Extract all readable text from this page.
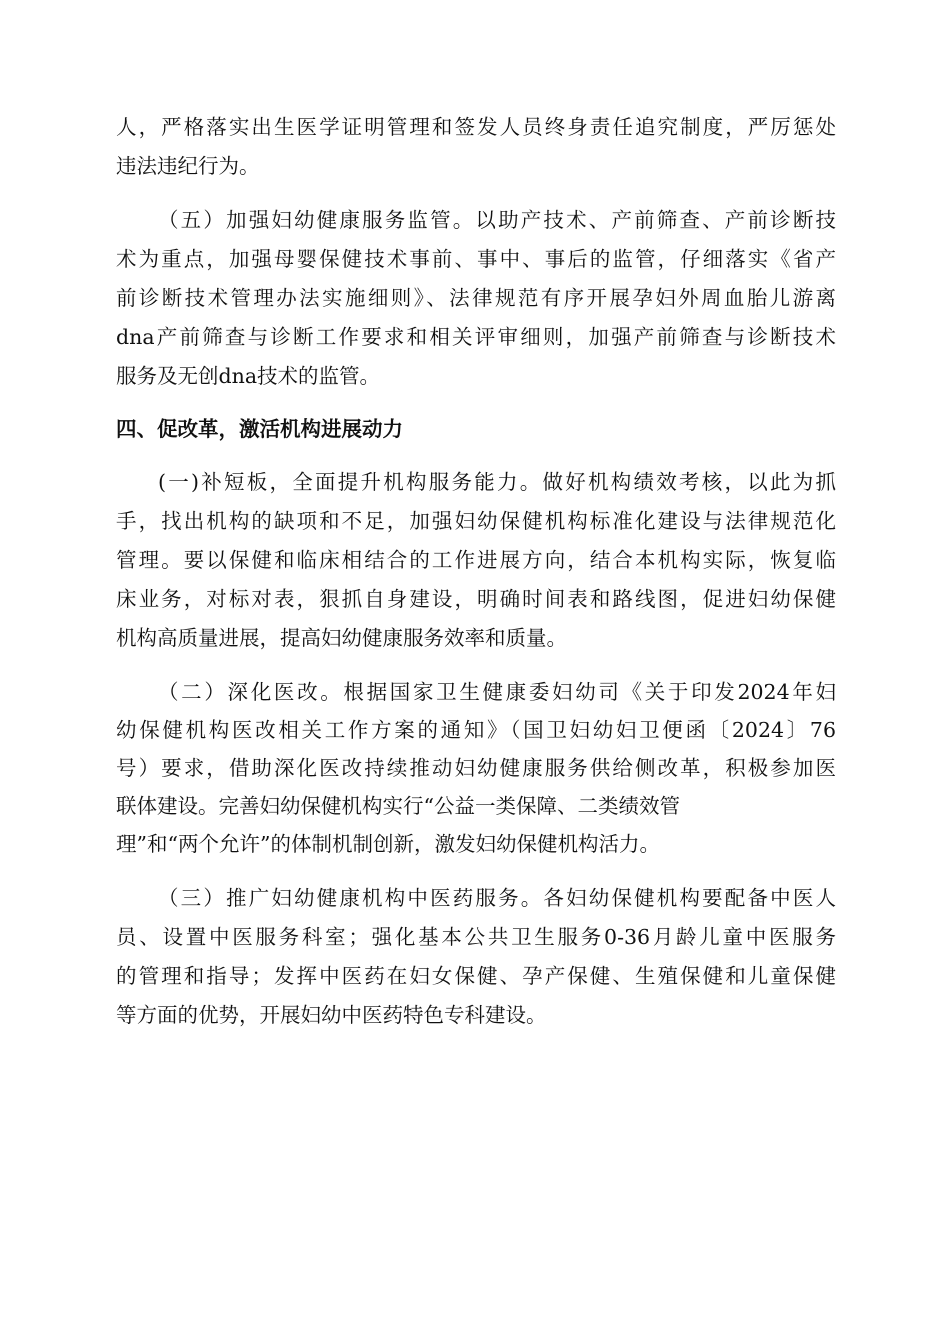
人，严格落实出生医学证明管理和签发人员终身责任追究制度，严厉惩处
违法违纪行为。
（五）加强妇幼健康服务监管。以助产技术、产前筛查、产前诊断技
术为重点，加强母婴保健技术事前、事中、事后的监管，仔细落实《省产
前诊断技术管理办法实施细则》、法律规范有序开展孕妇外周血胎儿游离
dna产前筛查与诊断工作要求和相关评审细则，加强产前筛查与诊断技术
服务及无创dna技术的监管。
四、促改革，激活机构进展动力
(一)补短板，全面提升机构服务能力。做好机构绩效考核，以此为抓
手，找出机构的缺项和不足，加强妇幼保健机构标准化建设与法律规范化
管理。要以保健和临床相结合的工作进展方向，结合本机构实际，恢复临
床业务，对标对表，狠抓自身建设，明确时间表和路线图，促进妇幼保健
机构高质量进展，提高妇幼健康服务效率和质量。
（二）深化医改。根据国家卫生健康委妇幼司《关于印发2024年妇
幼保健机构医改相关工作方案的通知》（国卫妇幼妇卫便函〔2024〕76
号）要求，借助深化医改持续推动妇幼健康服务供给侧改革，积极参加医
联体建设。完善妇幼保健机构实行“公益一类保障、二类绩效管
理”和“两个允许”的体制机制创新，激发妇幼保健机构活力。
（三）推广妇幼健康机构中医药服务。各妇幼保健机构要配备中医人
员、设置中医服务科室；强化基本公共卫生服务0-36月龄儿童中医服务
的管理和指导；发挥中医药在妇女保健、孕产保健、生殖保健和儿童保健
等方面的优势，开展妇幼中医药特色专科建设。
